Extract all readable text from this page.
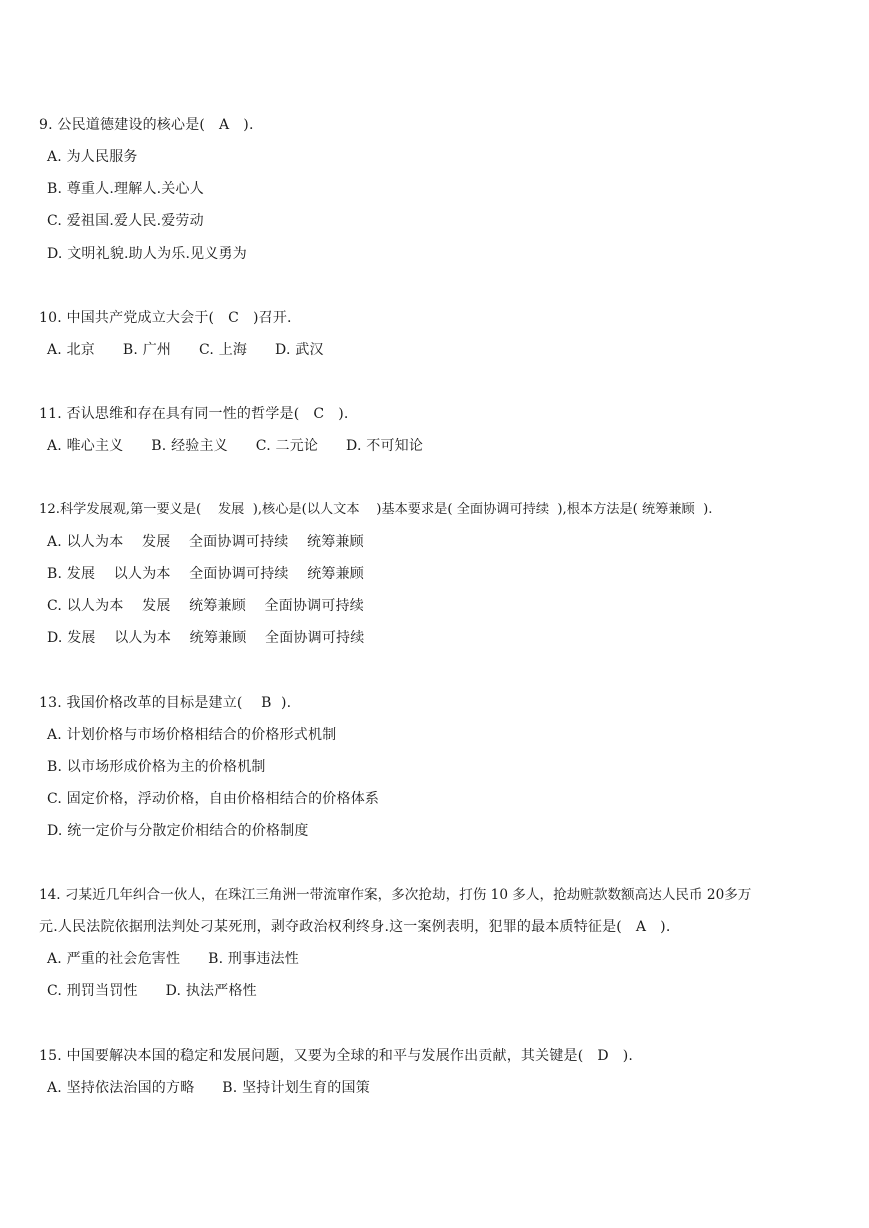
9. 公民道德建设的核心是(   A   ).
A. 为人民服务
B. 尊重人.理解人.关心人
C. 爱祖国.爱人民.爱劳动
D. 文明礼貌.助人为乐.见义勇为
10. 中国共产党成立大会于(   C   )召开.
A. 北京      B. 广州      C. 上海      D. 武汉
11. 否认思维和存在具有同一性的哲学是(   C   ).
A. 唯心主义      B. 经验主义      C. 二元论      D. 不可知论
12.科学发展观,第一要义是(    发展  ),核心是(以人文本    )基本要求是( 全面协调可持续  ),根本方法是( 统筹兼顾  ).
A. 以人为本    发展    全面协调可持续    统筹兼顾
B. 发展    以人为本    全面协调可持续    统筹兼顾
C. 以人为本    发展    统筹兼顾    全面协调可持续
D. 发展    以人为本    统筹兼顾    全面协调可持续
13. 我国价格改革的目标是建立(    B  ).
A. 计划价格与市场价格相结合的价格形式机制
B. 以市场形成价格为主的价格机制
C. 固定价格，浮动价格，自由价格相结合的价格体系
D. 统一定价与分散定价相结合的价格制度
14. 刁某近几年纠合一伙人，在珠江三角洲一带流窜作案，多次抢劫，打伤 10 多人，抢劫赃款数额高达人民币 20多万
元.人民法院依据刑法判处刁某死刑，剥夺政治权利终身.这一案例表明，犯罪的最本质特征是(   A   ).
A. 严重的社会危害性      B. 刑事违法性
C. 刑罚当罚性      D. 执法严格性
15. 中国要解决本国的稳定和发展问题，又要为全球的和平与发展作出贡献，其关键是(   D   ).
A. 坚持依法治国的方略      B. 坚持计划生育的国策
